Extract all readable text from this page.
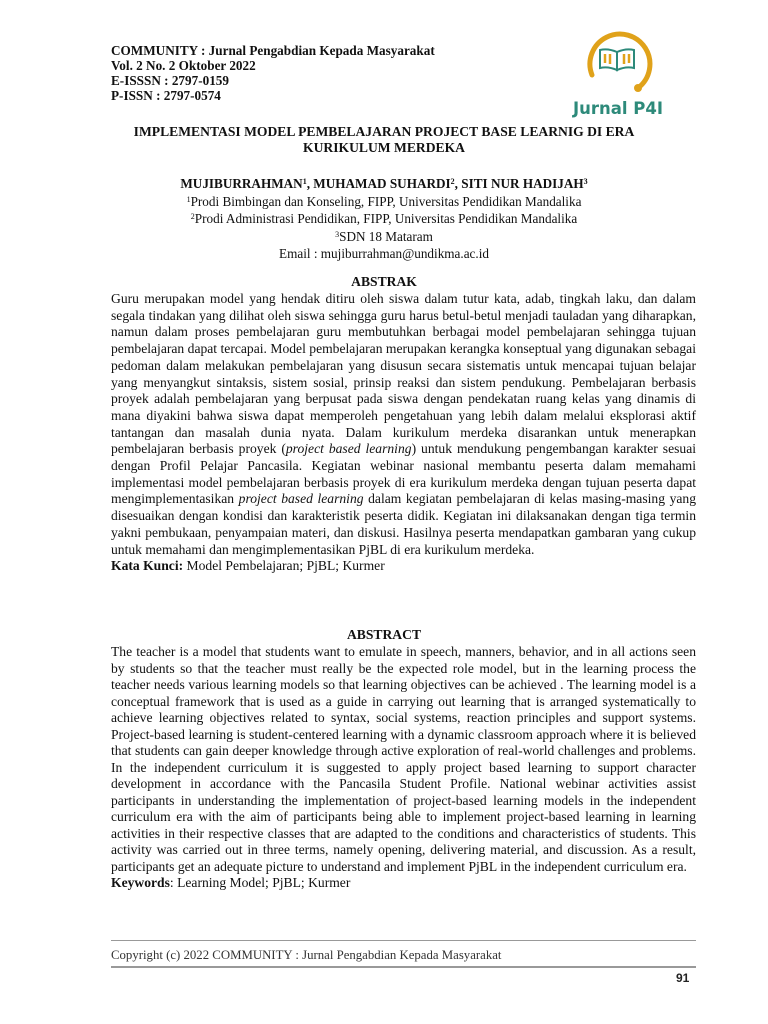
COMMUNITY : Jurnal Pengabdian Kepada Masyarakat
Vol. 2 No. 2 Oktober 2022
E-ISSSN : 2797-0159
P-ISSN : 2797-0574
Jurnal P4I
IMPLEMENTASI MODEL PEMBELAJARAN PROJECT BASE LEARNIG DI ERA KURIKULUM MERDEKA
MUJIBURRAHMAN$^1$, MUHAMAD SUHARDI$^2$, SITI NUR HADIJAH$^3$
$^1$Prodi Bimbingan dan Konseling, FIPP, Universitas Pendidikan Mandalika
$^2$Prodi Administrasi Pendidikan, FIPP, Universitas Pendidikan Mandalika
$^3$SDN 18 Mataram
Email : mujiburrahman@undikma.ac.id
ABSTRAK

Guru merupakan model yang hendak ditiru oleh siswa dalam tutur kata, adab, tingkah laku, dan dalam segala tindakan yang dilihat oleh siswa sehingga guru harus betul-betul menjadi tauladan yang diharapkan, namun dalam proses pembelajaran guru membutuhkan berbagai model pembelajaran sehingga tujuan pembelajaran dapat tercapai. Model pembelajaran merupakan kerangka konseptual yang digunakan sebagai pedoman dalam melakukan pembelajaran yang disusun secara sistematis untuk mencapai tujuan belajar yang menyangkut sintaksis, sistem sosial, prinsip reaksi dan sistem pendukung. Pembelajaran berbasis proyek adalah pembelajaran yang berpusat pada siswa dengan pendekatan ruang kelas yang dinamis di mana diyakini bahwa siswa dapat memperoleh pengetahuan yang lebih dalam melalui eksplorasi aktif tantangan dan masalah dunia nyata. Dalam kurikulum merdeka disarankan untuk menerapkan pembelajaran berbasis proyek (project based learning) untuk mendukung pengembangan karakter sesuai dengan Profil Pelajar Pancasila. Kegiatan webinar nasional membantu peserta dalam memahami implementasi model pembelajaran berbasis proyek di era kurikulum merdeka dengan tujuan peserta dapat mengimplementasikan project based learning dalam kegiatan pembelajaran di kelas masing-masing yang disesuaikan dengan kondisi dan karakteristik peserta didik. Kegiatan ini dilaksanakan dengan tiga termin yakni pembukaan, penyampaian materi, dan diskusi. Hasilnya peserta mendapatkan gambaran yang cukup untuk memahami dan mengimplementasikan PjBL di era kurikulum merdeka.

Kata Kunci: Model Pembelajaran; PjBL; Kurmer

ABSTRACT

The teacher is a model that students want to emulate in speech, manners, behavior, and in all actions seen by students so that the teacher must really be the expected role model, but in the learning process the teacher needs various learning models so that learning objectives can be achieved . The learning model is a conceptual framework that is used as a guide in carrying out learning that is arranged systematically to achieve learning objectives related to syntax, social systems, reaction principles and support systems. Project-based learning is student-centered learning with a dynamic classroom approach where it is believed that students can gain deeper knowledge through active exploration of real-world challenges and problems. In the independent curriculum it is suggested to apply project based learning to support character development in accordance with the Pancasila Student Profile. National webinar activities assist participants in understanding the implementation of project-based learning models in the independent curriculum era with the aim of participants being able to implement project-based learning in learning activities in their respective classes that are adapted to the conditions and characteristics of students. This activity was carried out in three terms, namely opening, delivering material, and discussion. As a result, participants get an adequate picture to understand and implement PjBL in the independent curriculum era.

Keywords: Learning Model; PjBL; Kurmer

Copyright (c) 2022 COMMUNITY : Jurnal Pengabdian Kepada Masyarakat
91
